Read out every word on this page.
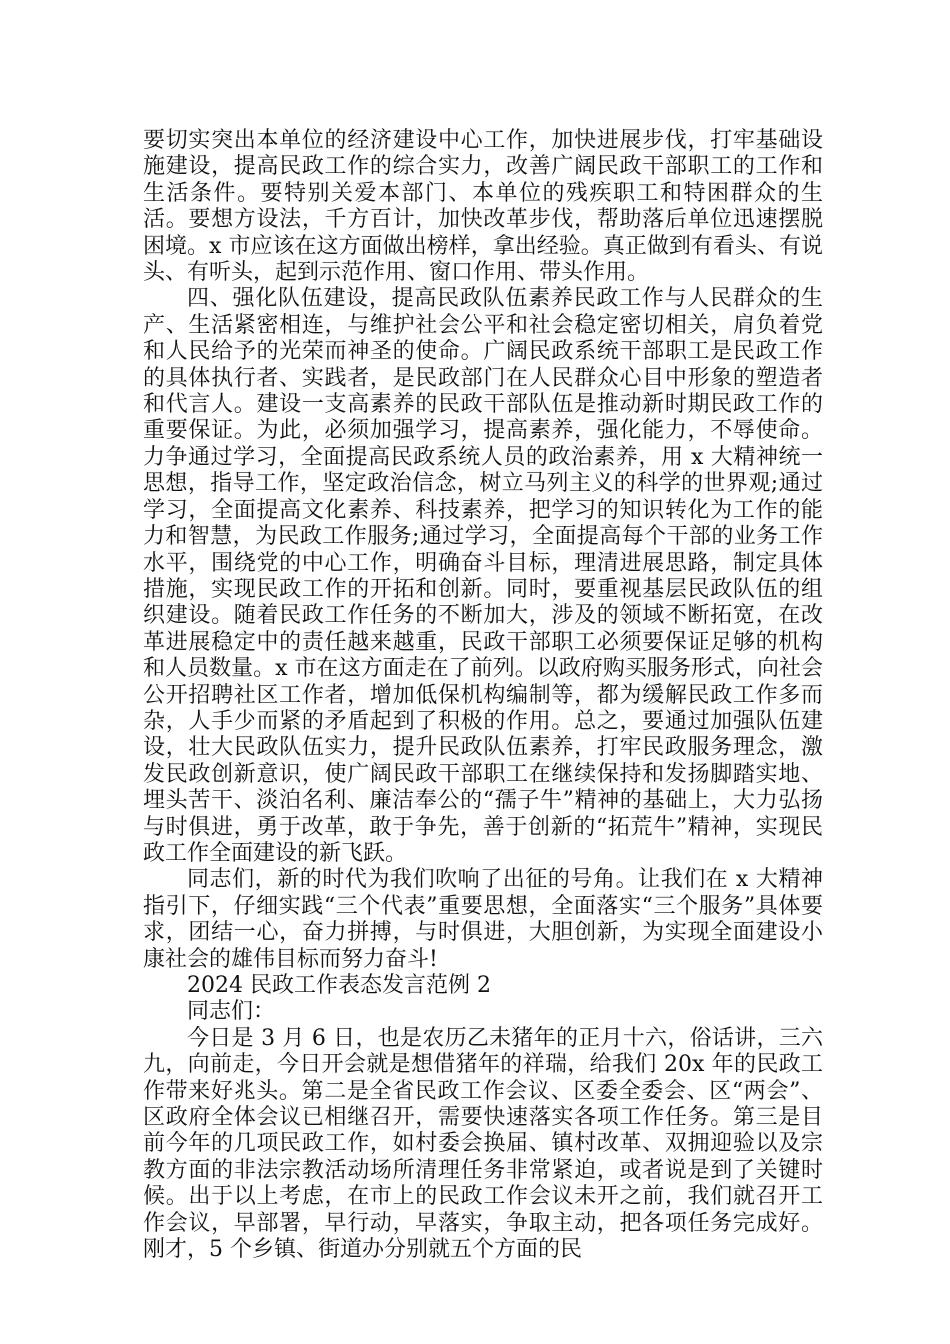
要切实突出本单位的经济建设中心工作，加快进展步伐，打牢基础设施建设，提高民政工作的综合实力，改善广阔民政干部职工的工作和生活条件。要特别关爱本部门、本单位的残疾职工和特困群众的生活。要想方设法，千方百计，加快改革步伐，帮助落后单位迅速摆脱困境。x 市应该在这方面做出榜样，拿出经验。真正做到有看头、有说头、有听头，起到示范作用、窗口作用、带头作用。

四、强化队伍建设，提高民政队伍素养民政工作与人民群众的生产、生活紧密相连，与维护社会公平和社会稳定密切相关，肩负着党和人民给予的光荣而神圣的使命。广阔民政系统干部职工是民政工作的具体执行者、实践者，是民政部门在人民群众心目中形象的塑造者和代言人。建设一支高素养的民政干部队伍是推动新时期民政工作的重要保证。为此，必须加强学习，提高素养，强化能力，不辱使命。力争通过学习，全面提高民政系统人员的政治素养，用 x 大精神统一思想，指导工作，坚定政治信念，树立马列主义的科学的世界观;通过学习，全面提高文化素养、科技素养，把学习的知识转化为工作的能力和智慧，为民政工作服务;通过学习，全面提高每个干部的业务工作水平，围绕党的中心工作，明确奋斗目标，理清进展思路，制定具体措施，实现民政工作的开拓和创新。同时，要重视基层民政队伍的组织建设。随着民政工作任务的不断加大，涉及的领域不断拓宽，在改革进展稳定中的责任越来越重，民政干部职工必须要保证足够的机构和人员数量。x 市在这方面走在了前列。以政府购买服务形式，向社会公开招聘社区工作者，增加低保机构编制等，都为缓解民政工作多而杂，人手少而紧的矛盾起到了积极的作用。总之，要通过加强队伍建设，壮大民政队伍实力，提升民政队伍素养，打牢民政服务理念，激发民政创新意识，使广阔民政干部职工在继续保持和发扬脚踏实地、埋头苦干、淡泊名利、廉洁奉公的“孺子牛”精神的基础上，大力弘扬与时俱进，勇于改革，敢于争先，善于创新的“拓荒牛”精神，实现民政工作全面建设的新飞跃。

同志们，新的时代为我们吹响了出征的号角。让我们在 x 大精神指引下，仔细实践“三个代表”重要思想，全面落实“三个服务”具体要求，团结一心，奋力拼搏，与时俱进，大胆创新，为实现全面建设小康社会的雄伟目标而努力奋斗!

2024 民政工作表态发言范例 2

同志们：

今日是 3 月 6 日，也是农历乙未猪年的正月十六，俗话讲，三六九，向前走，今日开会就是想借猪年的祥瑞，给我们 20x 年的民政工作带来好兆头。第二是全省民政工作会议、区委全委会、区“两会”、区政府全体会议已相继召开，需要快速落实各项工作任务。第三是目前今年的几项民政工作，如村委会换届、镇村改革、双拥迎验以及宗教方面的非法宗教活动场所清理任务非常紧迫，或者说是到了关键时候。出于以上考虑，在市上的民政工作会议未开之前，我们就召开工作会议，早部署，早行动，早落实，争取主动，把各项任务完成好。刚才，5 个乡镇、街道办分别就五个方面的民
